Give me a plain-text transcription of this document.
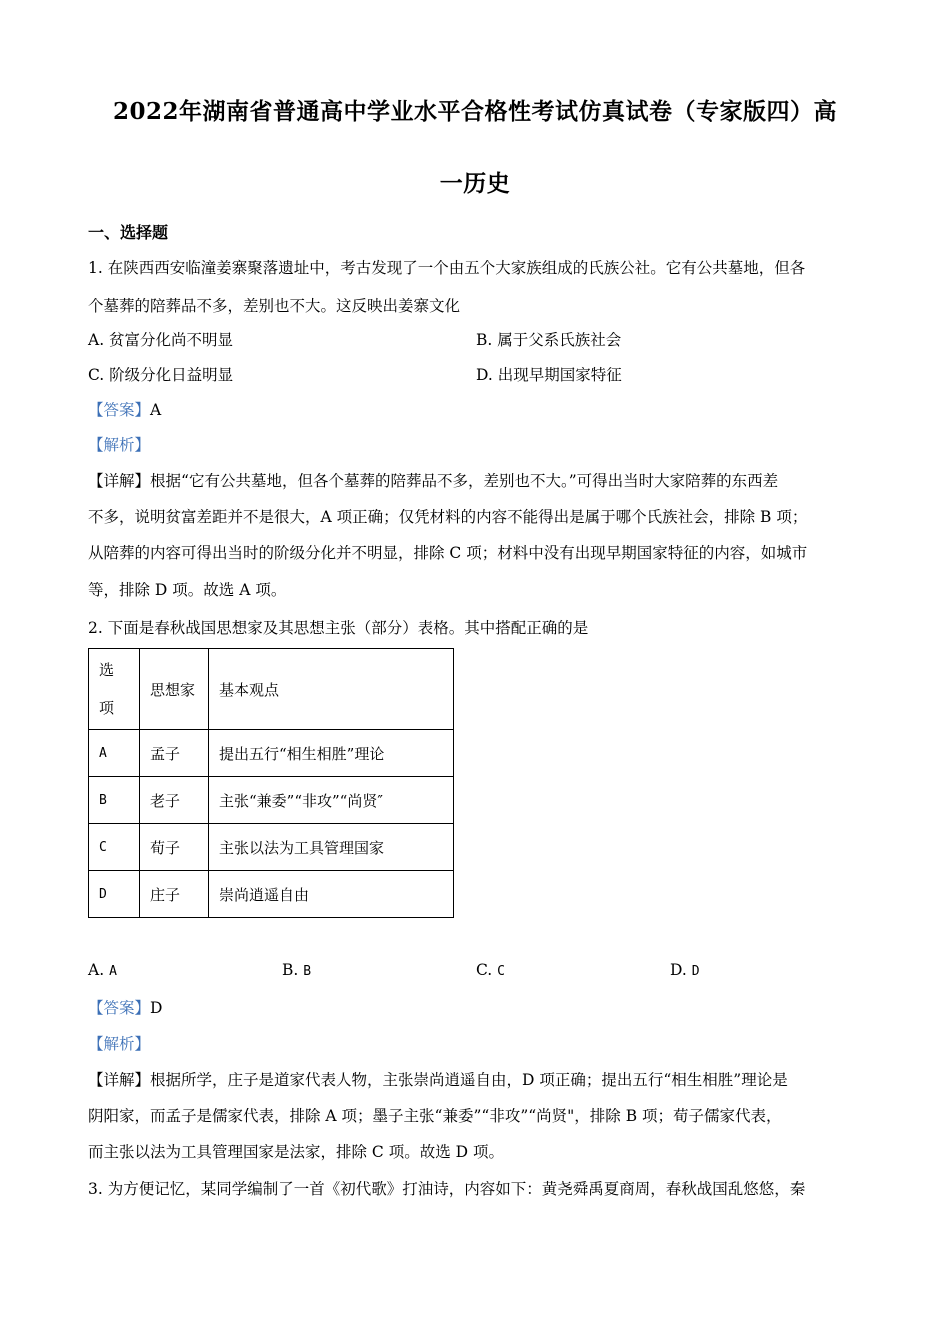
2022年湖南省普通高中学业水平合格性考试仿真试卷（专家版四）高
一历史
一、选择题
1. 在陕西西安临潼姜寨聚落遗址中，考古发现了一个由五个大家族组成的氏族公社。它有公共墓地，但各
个墓葬的陪葬品不多，差别也不大。这反映出姜寨文化
A. 贫富分化尚不明显	B. 属于父系氏族社会
C. 阶级分化日益明显	D. 出现早期国家特征
【答案】A
【解析】
【详解】根据“它有公共墓地，但各个墓葬的陪葬品不多，差别也不大。”可得出当时大家陪葬的东西差
不多，说明贫富差距并不是很大，A 项正确；仅凭材料的内容不能得出是属于哪个氏族社会，排除 B 项；
从陪葬的内容可得出当时的阶级分化并不明显，排除 C 项；材料中没有出现早期国家特征的内容，如城市
等，排除 D 项。故选 A 项。
2. 下面是春秋战国思想家及其思想主张（部分）表格。其中搭配正确的是
选
项	思想家	基本观点
A	孟子	提出五行“相生相胜”理论
B	老子	主张“兼委”“非攻”“尚贤″
C	荀子	主张以法为工具管理国家
D	庄子	崇尚逍遥自由
A. A	B. B	C. C	D. D
【答案】D
【解析】
【详解】根据所学，庄子是道家代表人物，主张崇尚逍遥自由，D 项正确；提出五行“相生相胜”理论是
阴阳家，而孟子是儒家代表，排除 A 项；墨子主张“兼委”“非攻”“尚贤"，排除 B 项；荀子儒家代表，
而主张以法为工具管理国家是法家，排除 C 项。故选 D 项。
3. 为方便记忆，某同学编制了一首《初代歌》打油诗，内容如下：黄尧舜禹夏商周，春秋战国乱悠悠，秦
